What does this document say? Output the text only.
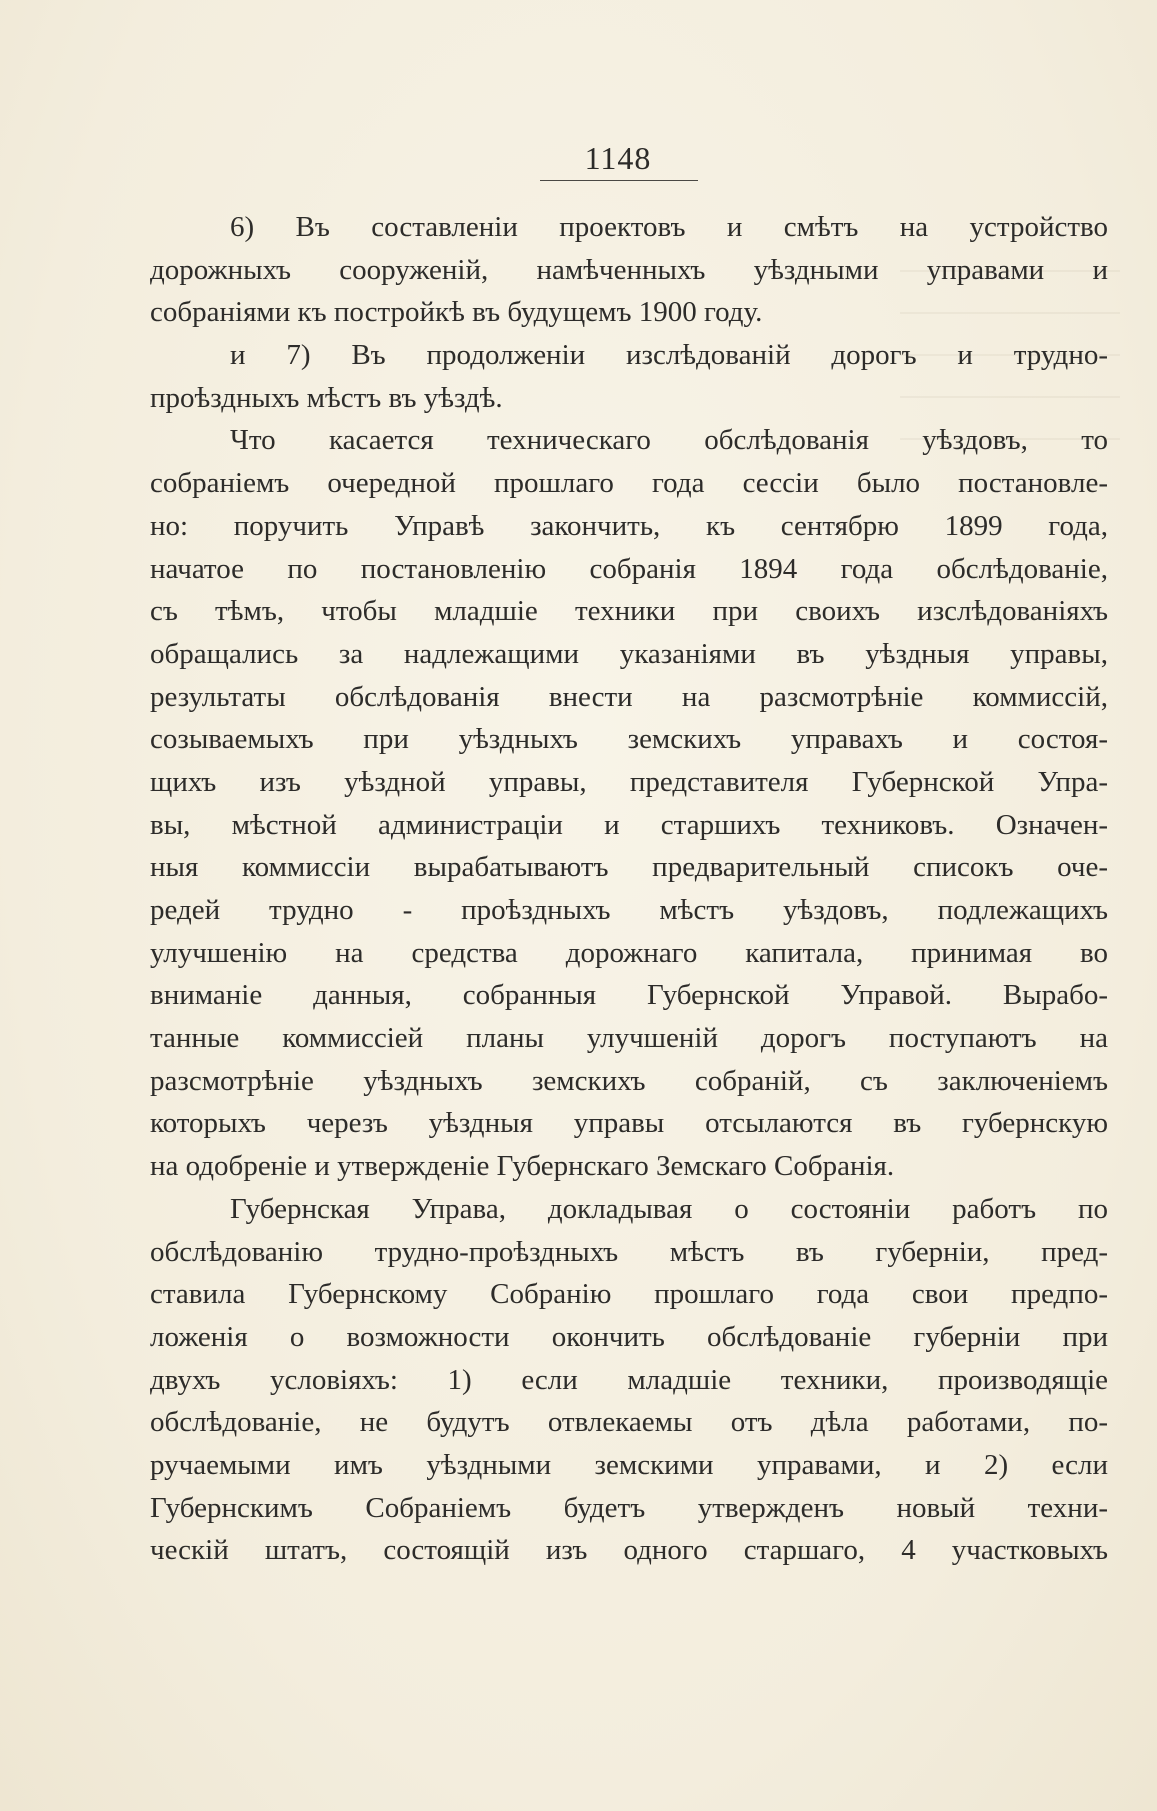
1148
6) Въ составленіи проектовъ и смѣтъ на устройство
дорожныхъ сооруженій, намѣченныхъ уѣздными управами и
собраніями къ постройкѣ въ будущемъ 1900 году.
и 7) Въ продолженіи изслѣдованій дорогъ и трудно-
проѣздныхъ мѣстъ въ уѣздѣ.
Что касается техническаго обслѣдованія уѣздовъ, то
собраніемъ очередной прошлаго года сессіи было постановле-
но: поручить Управѣ закончить, къ сентябрю 1899 года,
начатое по постановленію собранія 1894 года обслѣдованіе,
съ тѣмъ, чтобы младшіе техники при своихъ изслѣдованіяхъ
обращались за надлежащими указаніями въ уѣздныя управы,
результаты обслѣдованія внести на разсмотрѣніе коммиссій,
созываемыхъ при уѣздныхъ земскихъ управахъ и состоя-
щихъ изъ уѣздной управы, представителя Губернской Упра-
вы, мѣстной администраціи и старшихъ техниковъ. Означен-
ныя коммиссіи вырабатываютъ предварительный списокъ оче-
редей трудно - проѣздныхъ мѣстъ уѣздовъ, подлежащихъ
улучшенію на средства дорожнаго капитала, принимая во
вниманіе данныя, собранныя Губернской Управой. Вырабо-
танные коммиссіей планы улучшеній дорогъ поступаютъ на
разсмотрѣніе уѣздныхъ земскихъ собраній, съ заключеніемъ
которыхъ черезъ уѣздныя управы отсылаются въ губернскую
на одобреніе и утвержденіе Губернскаго Земскаго Собранія.
Губернская Управа, докладывая о состояніи работъ по
обслѣдованію трудно-проѣздныхъ мѣстъ въ губерніи, пред-
ставила Губернскому Собранію прошлаго года свои предпо-
ложенія о возможности окончить обслѣдованіе губерніи при
двухъ условіяхъ: 1) если младшіе техники, производящіе
обслѣдованіе, не будутъ отвлекаемы отъ дѣла работами, по-
ручаемыми имъ уѣздными земскими управами, и 2) если
Губернскимъ Собраніемъ будетъ утвержденъ новый техни-
ческій штатъ, состоящій изъ одного старшаго, 4 участковыхъ
